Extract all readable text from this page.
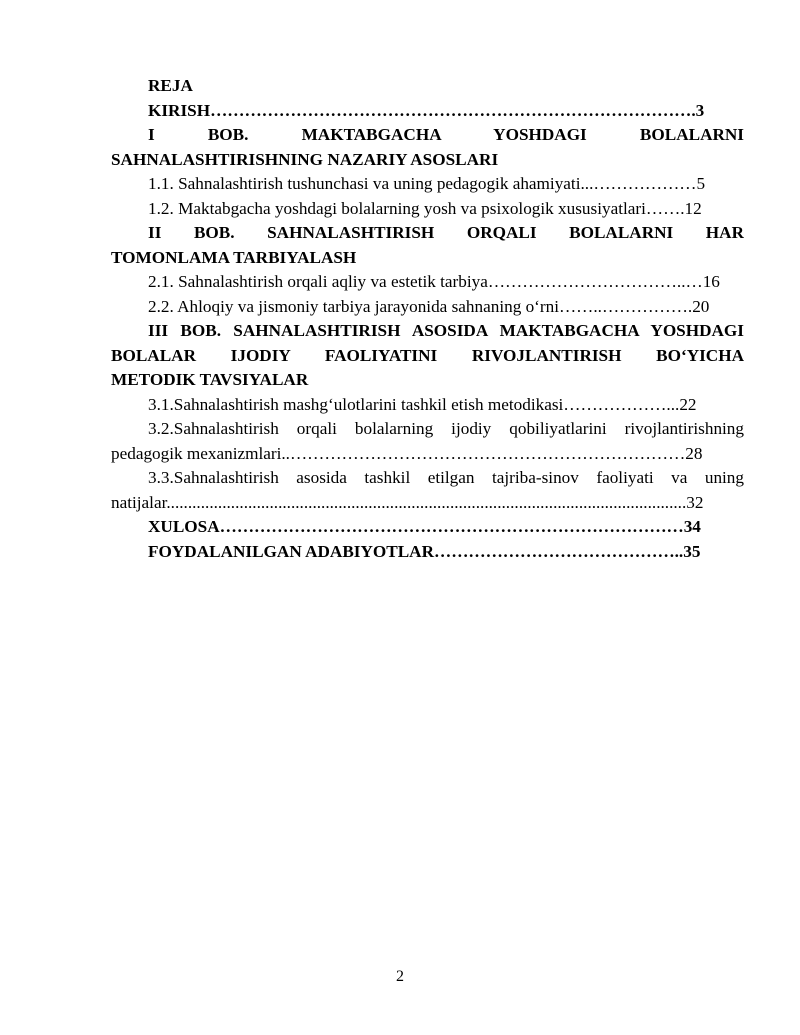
REJA
KIRISH………………………………………………………………………….3
I BOB. MAKTABGACHA YOSHDAGI BOLALARNI
SAHNALASHTIRISHNING NAZARIY ASOSLARI
1.1. Sahnalashtirish tushunchasi va uning pedagogik ahamiyati...………………5
1.2. Maktabgacha yoshdagi bolalarning yosh va psixologik xususiyatlari…….12
II BOB. SAHNALASHTIRISH ORQALI BOLALARNI HAR
TOMONLAMA TARBIYALASH
2.1. Sahnalashtirish orqali aqliy va estetik tarbiya……………………………..…16
2.2. Ahloqiy va jismoniy tarbiya jarayonida sahnaning oʻrni……..…………….20
III BOB. SAHNALASHTIRISH ASOSIDA MAKTABGACHA YOSHDAGI
BOLALAR IJODIY FAOLIYATINI RIVOJLANTIRISH BOʻYICHA
METODIK TAVSIYALAR
3.1.Sahnalashtirish mashgʻulotlarini tashkil etish metodikasi………………...22
3.2.Sahnalashtirish orqali bolalarning ijodiy qobiliyatlarini rivojlantirishning
pedagogik mexanizmlari..……………………………………………………………28
3.3.Sahnalashtirish asosida tashkil etilgan tajriba-sinov faoliyati va uning
natijalar.........................................................................................................................32
XULOSA………………………………………………………………………34
FOYDALANILGAN ADABIYOTLAR……………………………………..35
2
